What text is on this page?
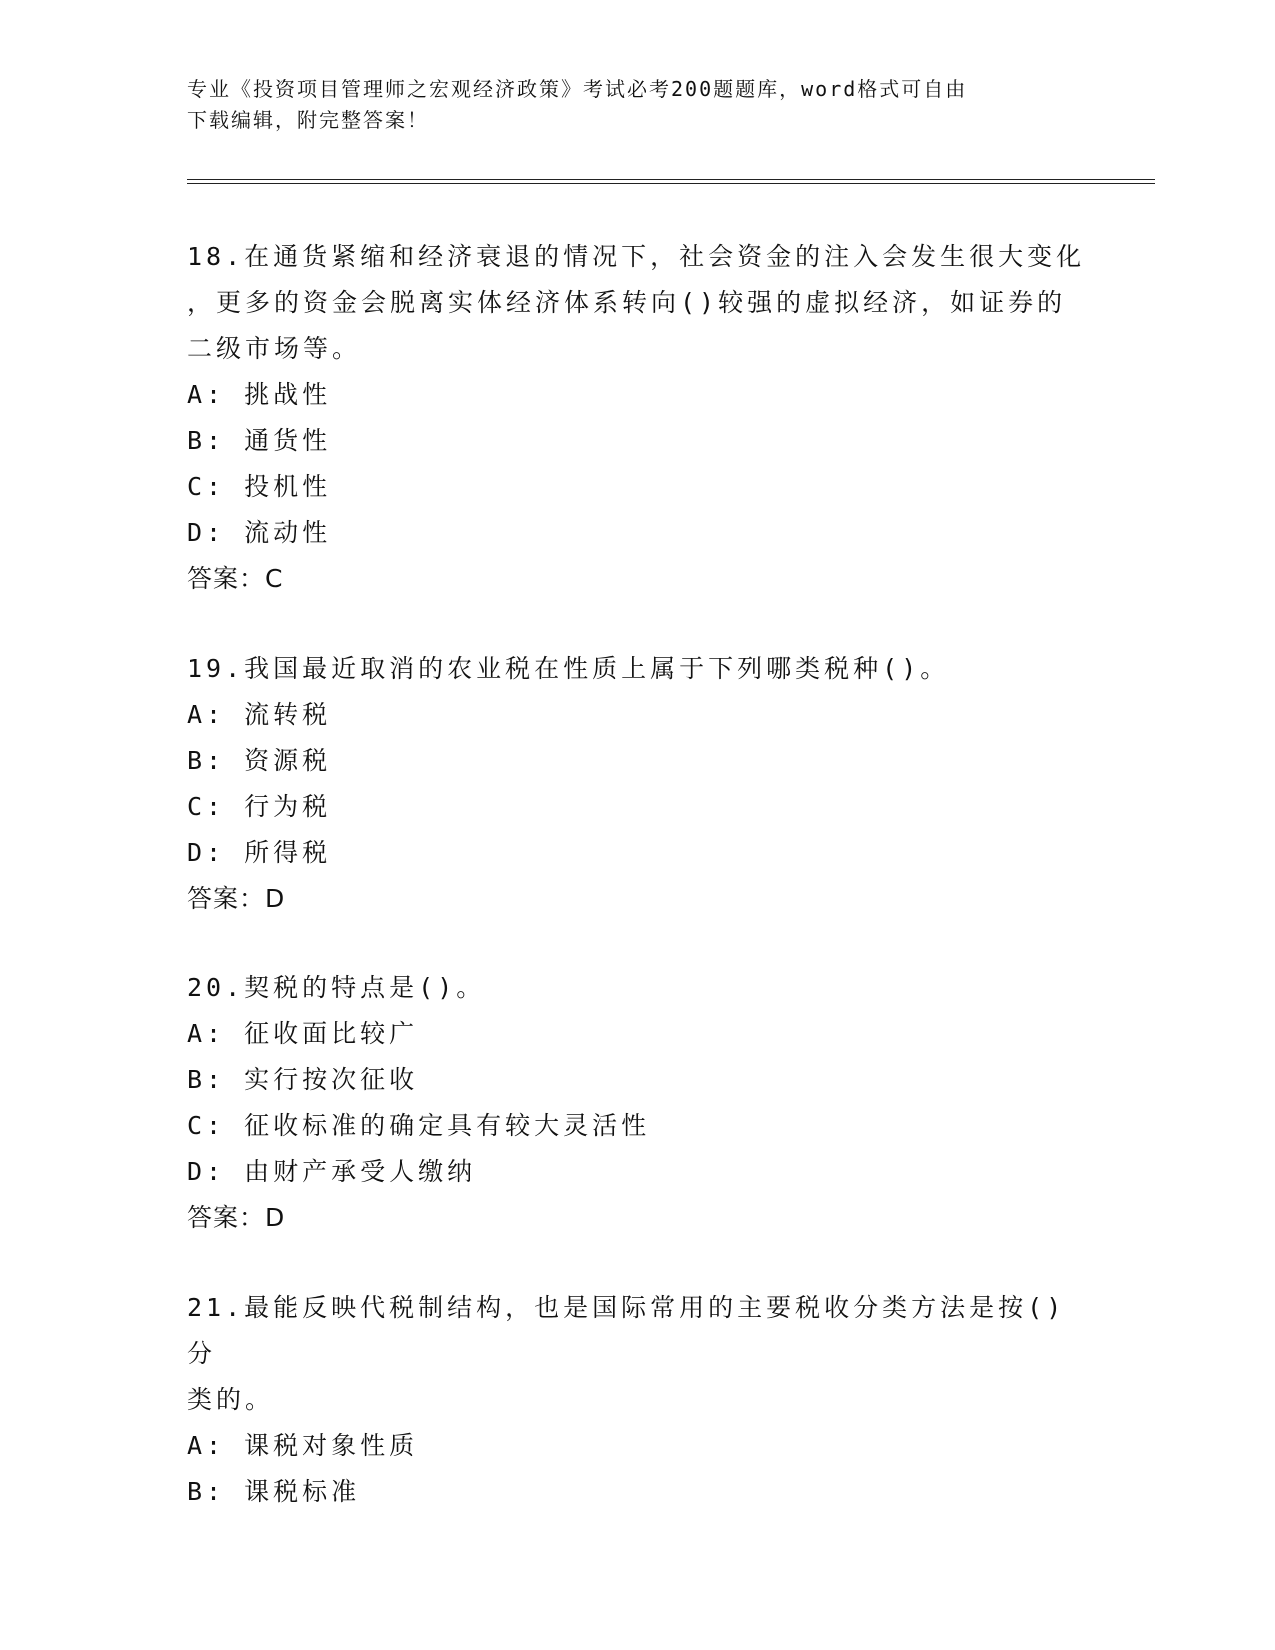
专业《投资项目管理师之宏观经济政策》考试必考200题题库，word格式可自由
下载编辑，附完整答案！

18.在通货紧缩和经济衰退的情况下，社会资金的注入会发生很大变化

，更多的资金会脱离实体经济体系转向()较强的虚拟经济，如证券的

二级市场等。

A: 挑战性

B: 通货性

C: 投机性

D: 流动性

答案：C

19.我国最近取消的农业税在性质上属于下列哪类税种()。

A: 流转税

B: 资源税

C: 行为税

D: 所得税

答案：D

20.契税的特点是()。

A: 征收面比较广

B: 实行按次征收

C: 征收标准的确定具有较大灵活性

D: 由财产承受人缴纳

答案：D

21.最能反映代税制结构，也是国际常用的主要税收分类方法是按()分

类的。

A: 课税对象性质

B: 课税标准
